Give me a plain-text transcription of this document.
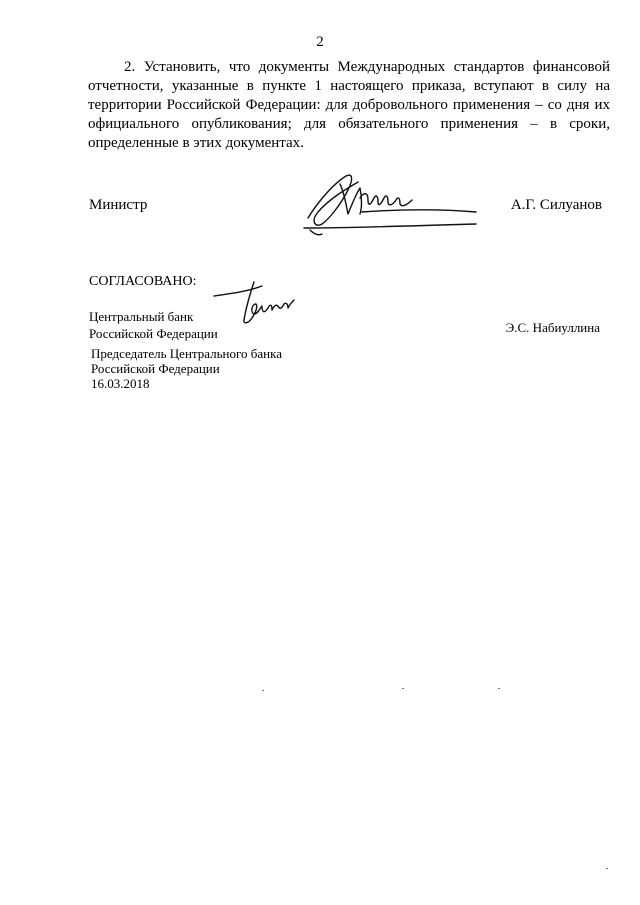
2

2. Установить, что документы Международных стандартов финансовой отчетности, указанные в пункте 1 настоящего приказа, вступают в силу на территории Российской Федерации: для добровольного применения – со дня их официального опубликования; для обязательного применения – в сроки, определенные в этих документах.

Министр	А.Г. Силуанов
СОГЛАСОВАНО:
Центральный банк
Российской Федерации	Э.С. Набиуллина
Председатель Центрального банка
Российской Федерации
16.03.2018
